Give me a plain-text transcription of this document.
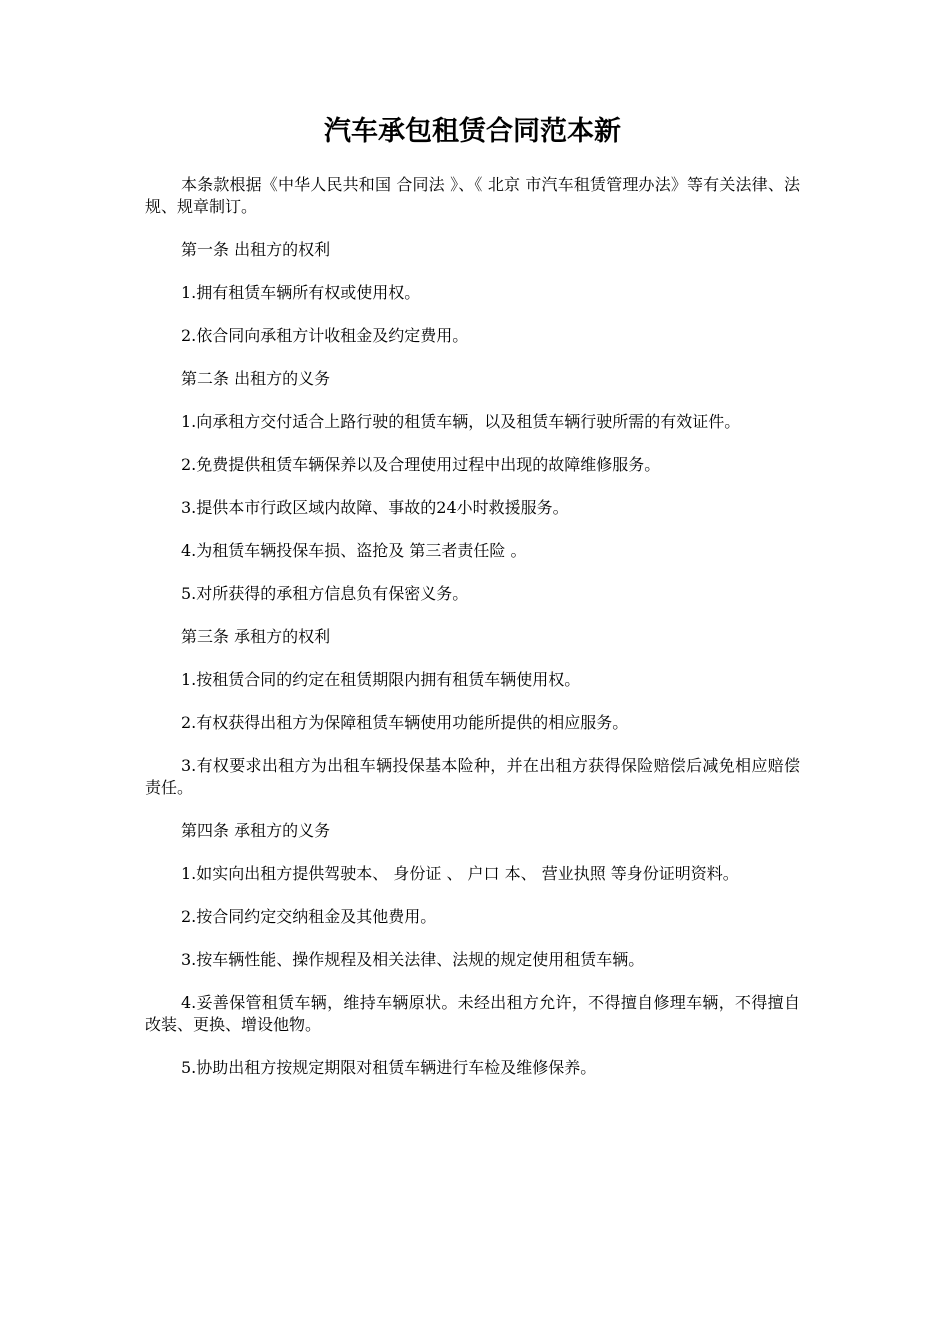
汽车承包租赁合同范本新

本条款根据《中华人民共和国 合同法 》、《 北京 市汽车租赁管理办法》等有关法律、法规、规章制订。

第一条 出租方的权利

1.拥有租赁车辆所有权或使用权。

2.依合同向承租方计收租金及约定费用。

第二条 出租方的义务

1.向承租方交付适合上路行驶的租赁车辆，以及租赁车辆行驶所需的有效证件。

2.免费提供租赁车辆保养以及合理使用过程中出现的故障维修服务。

3.提供本市行政区域内故障、事故的24小时救援服务。

4.为租赁车辆投保车损、盗抢及 第三者责任险 。

5.对所获得的承租方信息负有保密义务。

第三条 承租方的权利

1.按租赁合同的约定在租赁期限内拥有租赁车辆使用权。

2.有权获得出租方为保障租赁车辆使用功能所提供的相应服务。

3.有权要求出租方为出租车辆投保基本险种，并在出租方获得保险赔偿后减免相应赔偿责任。

第四条 承租方的义务

1.如实向出租方提供驾驶本、 身份证 、 户口 本、 营业执照 等身份证明资料。

2.按合同约定交纳租金及其他费用。

3.按车辆性能、操作规程及相关法律、法规的规定使用租赁车辆。

4.妥善保管租赁车辆，维持车辆原状。未经出租方允许，不得擅自修理车辆，不得擅自改装、更换、增设他物。

5.协助出租方按规定期限对租赁车辆进行车检及维修保养。
